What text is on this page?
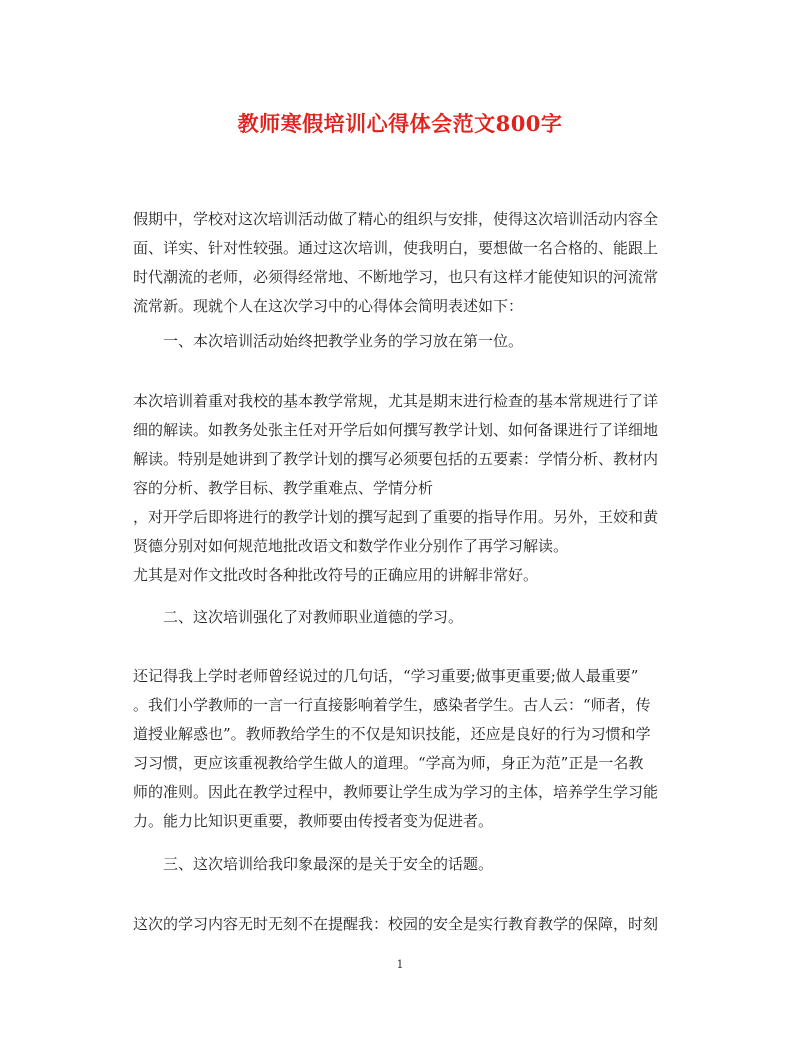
教师寒假培训心得体会范文800字
假期中，学校对这次培训活动做了精心的组织与安排，使得这次培训活动内容全
面、详实、针对性较强。通过这次培训，使我明白，要想做一名合格的、能跟上
时代潮流的老师，必须得经常地、不断地学习，也只有这样才能使知识的河流常
流常新。现就个人在这次学习中的心得体会简明表述如下：
一、本次培训活动始终把教学业务的学习放在第一位。
本次培训着重对我校的基本教学常规，尤其是期末进行检查的基本常规进行了详
细的解读。如教务处张主任对开学后如何撰写教学计划、如何备课进行了详细地
解读。特别是她讲到了教学计划的撰写必须要包括的五要素：学情分析、教材内
容的分析、教学目标、教学重难点、学情分析
，对开学后即将进行的教学计划的撰写起到了重要的指导作用。另外，王姣和黄
贤德分别对如何规范地批改语文和数学作业分别作了再学习解读。
尤其是对作文批改时各种批改符号的正确应用的讲解非常好。
二、这次培训强化了对教师职业道德的学习。
还记得我上学时老师曾经说过的几句话，“学习重要;做事更重要;做人最重要”
。我们小学教师的一言一行直接影响着学生，感染者学生。古人云：“师者，传
道授业解惑也”。教师教给学生的不仅是知识技能，还应是良好的行为习惯和学
习习惯，更应该重视教给学生做人的道理。“学高为师，身正为范”正是一名教
师的准则。因此在教学过程中，教师要让学生成为学习的主体，培养学生学习能
力。能力比知识更重要，教师要由传授者变为促进者。
三、这次培训给我印象最深的是关于安全的话题。
这次的学习内容无时无刻不在提醒我：校园的安全是实行教育教学的保障，时刻
1
